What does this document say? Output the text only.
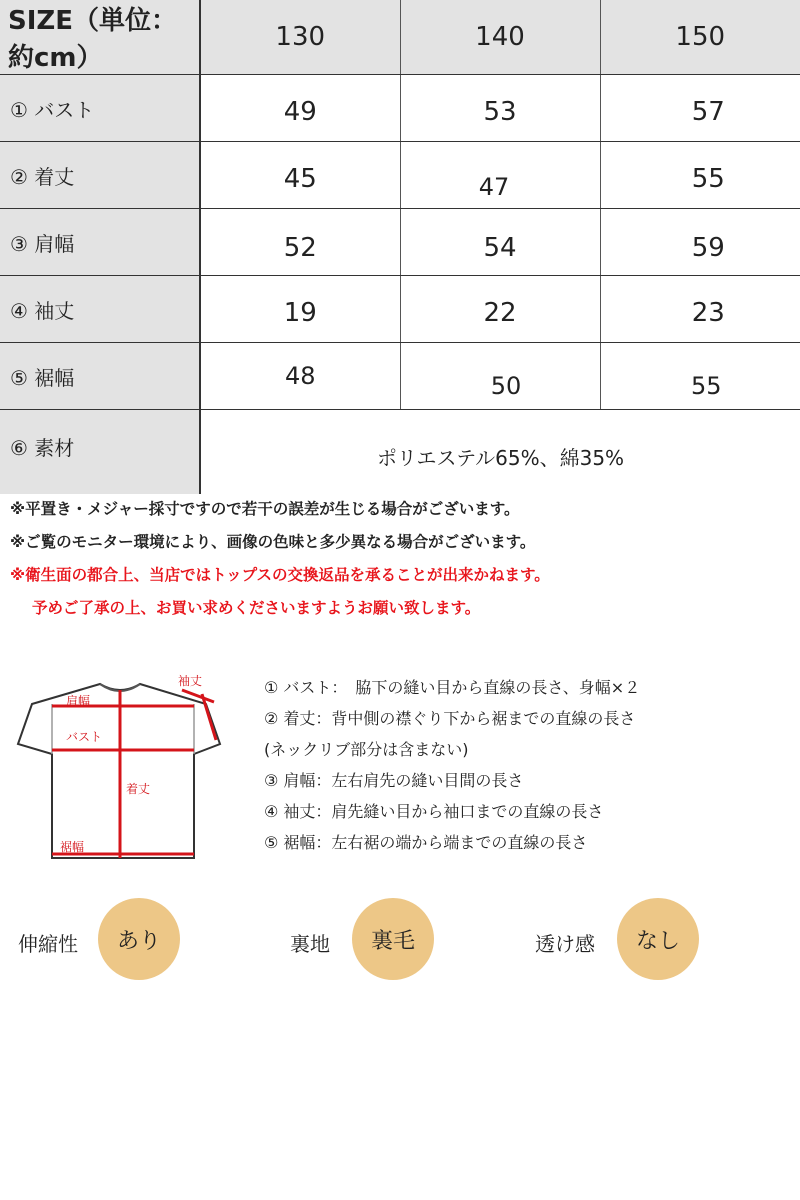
SIZE（単位：約cm）	130	140	150
① バスト	49	53	57
② 着丈	45	47	55
③ 肩幅	52	54	59
④ 袖丈	19	22	23
⑤ 裾幅	48	50	55
⑥ 素材	ポリエステル65%、綿35%		
※平置き・メジャー採寸ですので若干の誤差が生じる場合がございます。
※ご覧のモニター環境により、画像の色味と多少異なる場合がございます。
※衛生面の都合上、当店ではトップスの交換返品を承ることが出来かねます。
予めご了承の上、お買い求めくださいますようお願い致します。
肩幅
袖丈
バスト
着丈
裾幅
① バスト：　脇下の縫い目から直線の長さ、身幅×２
② 着丈：背中側の襟ぐり下から裾までの直線の長さ
(ネックリブ部分は含まない)
③ 肩幅：左右肩先の縫い目間の長さ
④ 袖丈：肩先縫い目から袖口までの直線の長さ
⑤ 裾幅：左右裾の端から端までの直線の長さ
伸縮性	あり	裏地	裏毛	透け感	なし
